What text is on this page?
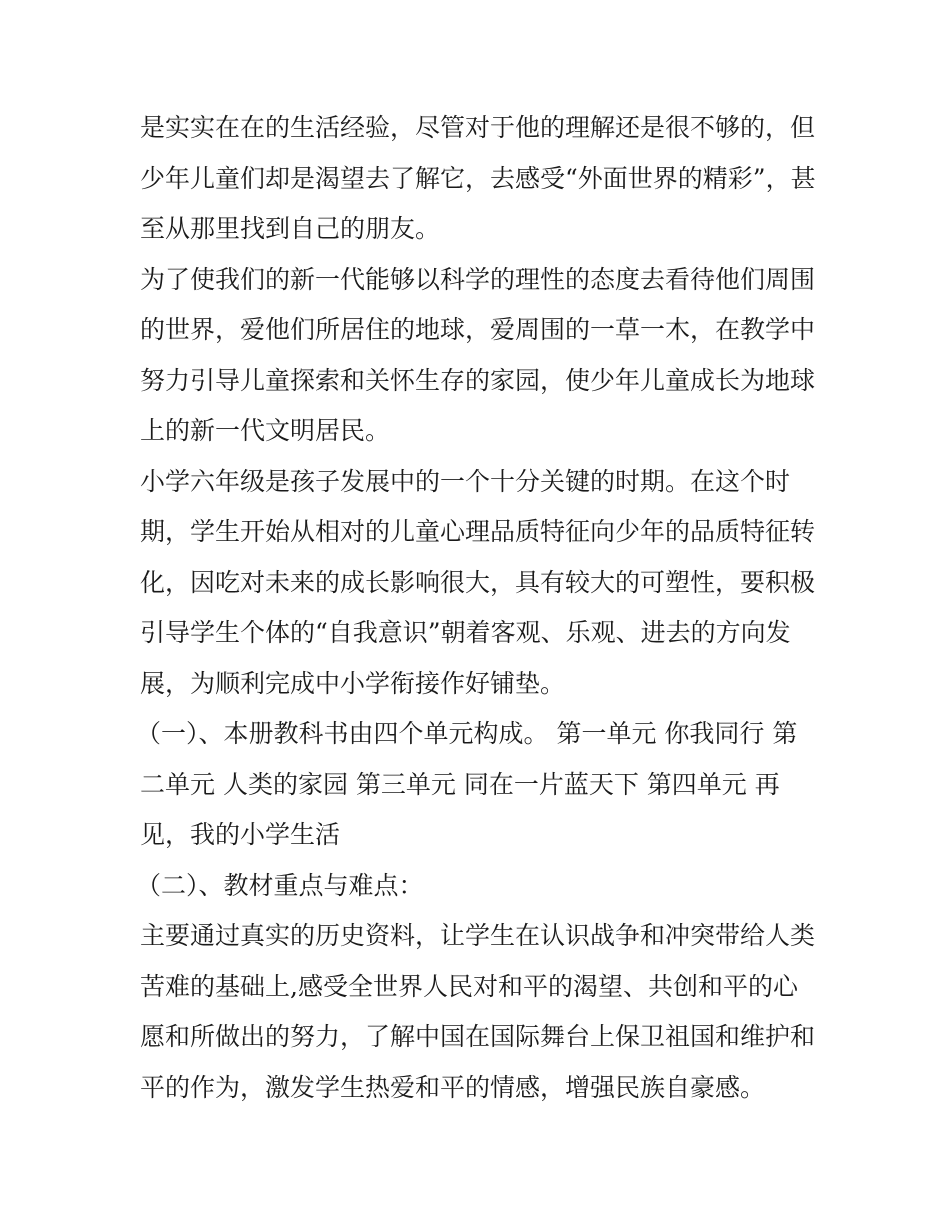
是实实在在的生活经验，尽管对于他的理解还是很不够的，但
少年儿童们却是渴望去了解它，去感受“外面世界的精彩”，甚
至从那里找到自己的朋友。
为了使我们的新一代能够以科学的理性的态度去看待他们周围
的世界，爱他们所居住的地球，爱周围的一草一木，在教学中
努力引导儿童探索和关怀生存的家园，使少年儿童成长为地球
上的新一代文明居民。
小学六年级是孩子发展中的一个十分关键的时期。在这个时
期，学生开始从相对的儿童心理品质特征向少年的品质特征转
化，因吃对未来的成长影响很大，具有较大的可塑性，要积极
引导学生个体的“自我意识”朝着客观、乐观、进去的方向发
展，为顺利完成中小学衔接作好铺垫。
（一）、本册教科书由四个单元构成。 第一单元 你我同行 第
二单元 人类的家园 第三单元 同在一片蓝天下 第四单元 再
见，我的小学生活
（二）、教材重点与难点：
主要通过真实的历史资料，让学生在认识战争和冲突带给人类
苦难的基础上,感受全世界人民对和平的渴望、共创和平的心
愿和所做出的努力，了解中国在国际舞台上保卫祖国和维护和
平的作为，激发学生热爱和平的情感，增强民族自豪感。
